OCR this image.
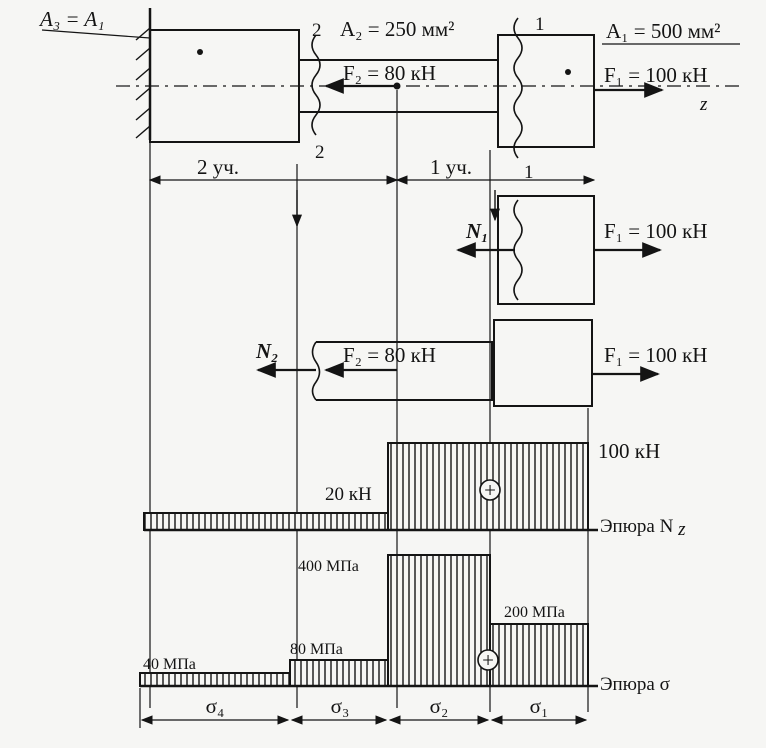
A₃ = A₁	A₂ = 250 мм²	A₁ = 500 мм²
F₂ = 80 кН	F₁ = 100 кН
z
2
2
1
1
2 уч.	1 уч.
N₁	F₁ = 100 кН
N₂	F₂ = 80 кН	F₁ = 100 кН
+
100 кН
20 кН
Эпюра N z
+
400 МПа
200 МПа
80 МПа
40 МПа
Эпюра σ
σ₄	σ₃	σ₂	σ₁
